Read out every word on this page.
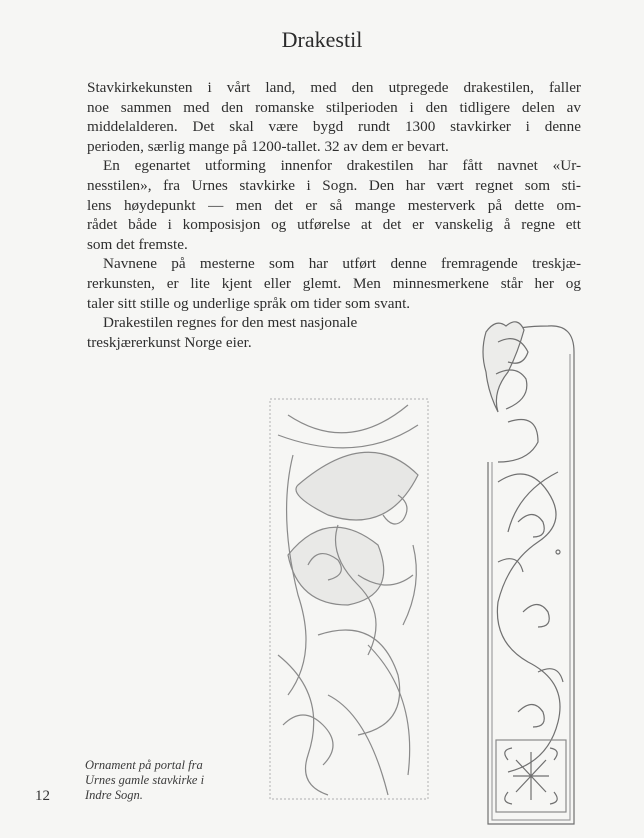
Drakestil

Stavkirkekunsten i vårt land, med den utpregede drakestilen, faller
noe sammen med den romanske stilperioden i den tidligere delen av
middelalderen. Det skal være bygd rundt 1300 stavkirker i denne
perioden, særlig mange på 1200-tallet. 32 av dem er bevart.

En egenartet utforming innenfor drakestilen har fått navnet «Ur-
nesstilen», fra Urnes stavkirke i Sogn. Den har vært regnet som sti-
lens høydepunkt — men det er så mange mesterverk på dette om-
rådet både i komposisjon og utførelse at det er vanskelig å regne ett
som det fremste.

Navnene på mesterne som har utført denne fremragende treskjæ-
rerkunsten, er lite kjent eller glemt. Men minnesmerkene står her og
taler sitt stille og underlige språk om tider som svant.

Drakestilen regnes for den mest nasjonale
treskjærerkunst Norge eier.

Ornament på portal fra
Urnes gamle stavkirke i
Indre Sogn.
12
